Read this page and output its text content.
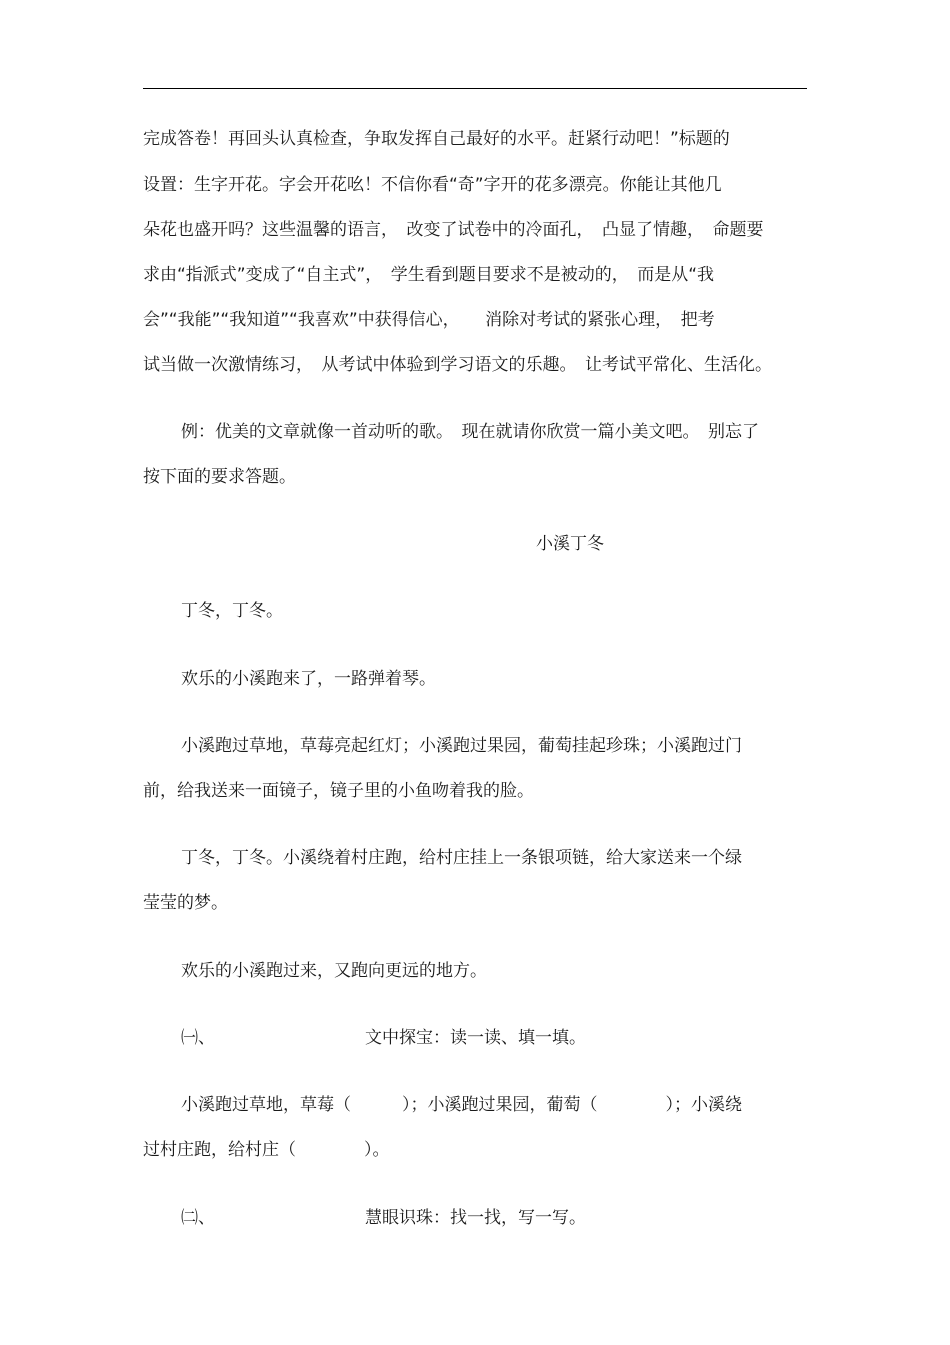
完成答卷！再回头认真检查，争取发挥自己最好的水平。赶紧行动吧！”标题的
设置：生字开花。字会开花吆！不信你看“奇”字开的花多漂亮。你能让其他几
朵花也盛开吗？这些温馨的语言，　改变了试卷中的冷面孔，　凸显了情趣，　命题要
求由“指派式”变成了“自主式”，　学生看到题目要求不是被动的，　而是从“我
会”“我能”“我知道”“我喜欢”中获得信心，　　消除对考试的紧张心理，　把考
试当做一次激情练习，　从考试中体验到学习语文的乐趣。　让考试平常化、生活化。
例：优美的文章就像一首动听的歌。　现在就请你欣赏一篇小美文吧。　别忘了
按下面的要求答题。
小溪丁冬
丁冬，丁冬。
欢乐的小溪跑来了，一路弹着琴。
小溪跑过草地，草莓亮起红灯；小溪跑过果园，葡萄挂起珍珠；小溪跑过门
前，给我送来一面镜子，镜子里的小鱼吻着我的脸。
丁冬，丁冬。小溪绕着村庄跑，给村庄挂上一条银项链，给大家送来一个绿
莹莹的梦。
欢乐的小溪跑过来，又跑向更远的地方。
㈠、	文中探宝：读一读、填一填。
小溪跑过草地，草莓（　　　）；小溪跑过果园，葡萄（　　　　）；小溪绕
过村庄跑，给村庄（　　　　）。
㈡、	慧眼识珠：找一找，写一写。
